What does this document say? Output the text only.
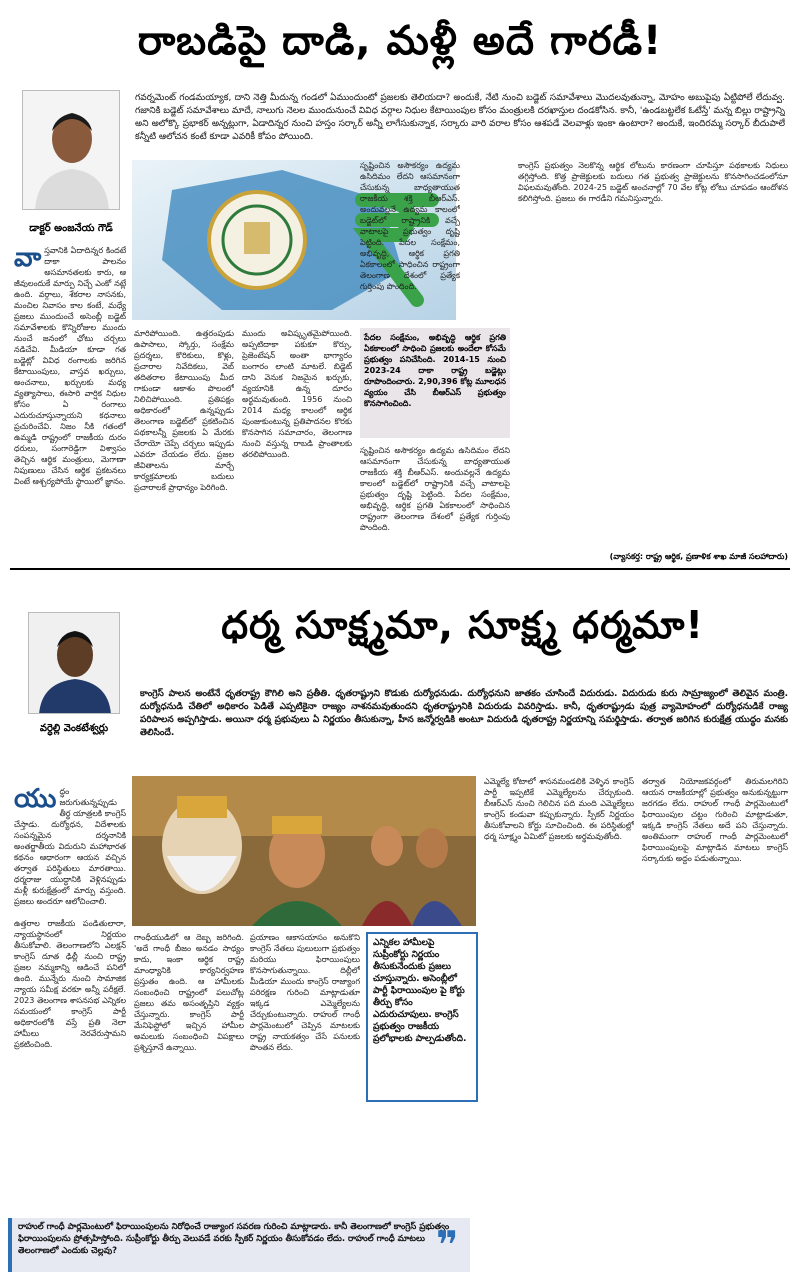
రాబడిపై దాడి, మళ్లీ అదే గారడీ!
డాక్టర్ అంజనేయ గౌడ్
గవర్నమెంట్ గండమయ్యాక, దాని నెత్తి మీదున్న గండలో ఏముందుంటో ప్రజలకు తెలియదా? అందుకే, నేటి నుంచి బడ్జెట్ సమావేశాలు మొదలవుతున్నా, మోహం అబుపైపు ఏట్టిపోలే లేదువ్వ. గజానికి బడ్జెట్ సమావేశాలు మాదే, నాలుగు నెలల ముందునుంచే వివిధ వర్గాల నిధుల కేటాయింపుల కోసం మంత్రులకి దరఖాస్తుల దండకోసిన. కానీ, 'ఉండబట్టలేక ఓటేస్తే' మన్న బిల్లు రాష్ట్రాన్ని అని అలోక్కొ ప్రభాకర్ అన్నట్లుగా, ఏడాదిన్నర నుంచి హస్తం సర్కార్ అన్నీ లాగేసుకున్నాక, సర్కారు వారి వరాల కోసం ఆశపడే వెలవాళ్లు ఇంకా ఉంటారా? అందుకే, ఇందిరమ్మ సర్కార్ బీదుపాలే కన్నీటి ఆలోచన కంటే కూడా ఎవరికీ కోపం పోయింది.
వా స్తవానికి ఏదాదిన్నర కిందటే దాకా పాలనం అసమానతలకు కారు, ఆ జీవులందుకే మార్పు నిచ్చే ఎంకో నట్లే ఉంది. వర్గాలు, శేకరాల నాసనకు, మంచిల నివాసం కాల కంటే, మధ్యే ప్రజలు ముందుంచే అసెంబ్లీ బడ్జెట్ సమావేశాలకు కొన్నిరోజుల ముందు నుంచే జనంలో ఛోటు చర్చలు నడిచేవి. మీడియా కూడా గత బడ్జెట్లో వివిధ రంగాలకు జరిగిన కేటాయింపులు, వాస్తవ ఖర్చులు, అంచనాలు, ఖర్చులకు మధ్య వ్యత్యాసాలు, ఈసారి వార్షిక నిధుల కోసం ఏ రంగాలు ఎదురుచూస్తున్నాయని కధనాలు ప్రచురించేవి. నిజం నీకి గతంలో ఉమ్మడి రాష్ట్రంలో రాజకీయ దురం ధరులు, సంగారెడ్డిగా విశ్వాసం తెచ్చిన ఆర్థిక మంత్రులు, మెగాణా నిపుణులు చేసిన ఆర్థిక ప్రకటనలు వింటే ఆశ్చర్యపోయే స్థాయిలో జ్ఞానం.
మారిపోయింది. ఉత్తరంపుడు ఉపాసాలు, స్కోర్తు, సంక్షేమ ప్రదర్శలు, కొరికులు, కొళ్లు, ప్రచారాల నివేదికలు, వెబ్ తదితరాల కేటాయింపు మీద గాకుండా ఆకాశం పొలంలో నిలిచిపోయింది. ప్రతిపక్షం అధికారంలో ఉన్నప్పుడు తెలంగాణ బడ్జెట్‌లో ప్రకటించిన పథకాలన్నీ ప్రజలకు ఏ మేరకు చేరాయో చెప్పే చర్చలు ఇప్పుడు ఎవరూ చేయడం లేదు. ప్రజల జీవితాలను మార్చే కార్యక్రమాలకు బదులు ప్రచారాలకే ప్రాధాన్యం పెరిగింది.
ముందు అవిష్కృతమైపోయింది. అప్పటిదాకా పకుకూ కొర్సు, ప్రెజెంటేషన్ అంతా భాగ్యారం బంగారం లాంటి మాటలే. బిడ్జెట్ దాని వెనుక నిజమైన ఖర్చుకు, వ్యయానికి ఉన్న దూరం అర్థమవుతుంది. 1956 నుంచి 2014 మధ్య కాలంలో ఆర్థిక పుంజుకుంటున్న ప్రతిపాదనల కొరకు కొనసాగిన సమాచారం, తెలంగాణ నుంచి వస్తున్న రాబడి ప్రాంతాలకు తరలిపోయింది.
సృష్టించిన అసౌకర్యం ఉద్యమ ఉసిదిమం లేదని ఆసమానంగా చేసుకున్న బాధ్యతాయుత రాజకీయ శక్తి బీఆర్ఎస్. అందువల్లనే ఉద్యమ కాలంలో బడ్జెట్‌లో రాష్ట్రానికి వచ్చే వాటాలపై ప్రభుత్వం దృష్టి పెట్టింది. పేదల సంక్షేమం, అభివృద్ధి, ఆర్థిక ప్రగతి ఏకకాలంలో సాధించిన రాష్ట్రంగా తెలంగాణ దేశంలో ప్రత్యేక గుర్తింపు పొందింది.
పేదల సంక్షేమం, అభివృద్ధి ఆర్థిక ప్రగతి ఏకకాలంలో సాధించి ప్రజలకు అందేలా కోసమే ప్రభుత్వం పనిచేసింది. 2014-15 నుంచి 2023-24 దాకా రాష్ట్ర బడ్జెట్లు రూపొందించారు. 2,90,396 కోట్ల మూలధన వ్యయం చేసి బీఆర్ఎస్ ప్రభుత్వం కొనసాగించింది.
సృష్టించిన అసౌకర్యం ఉద్యమ ఉసిదిమం లేదని ఆసమానంగా చేసుకున్న బాధ్యతాయుత రాజకీయ శక్తి బీఆర్ఎస్. అందువల్లనే ఉద్యమ కాలంలో బడ్జెట్‌లో రాష్ట్రానికి వచ్చే వాటాలపై ప్రభుత్వం దృష్టి పెట్టింది. పేదల సంక్షేమం, అభివృద్ధి, ఆర్థిక ప్రగతి ఏకకాలంలో సాధించిన రాష్ట్రంగా తెలంగాణ దేశంలో ప్రత్యేక గుర్తింపు పొందింది.
కాంగ్రెస్ ప్రభుత్వం నెలకొన్న ఆర్థిక లోటును కారణంగా చూపిస్తూ పథకాలకు నిధులు తగ్గిస్తోంది. కొత్త ప్రాజెక్టులకు బదులు గత ప్రభుత్వ ప్రాజెక్టులను కొనసాగించడంలోనూ విఫలమవుతోంది. 2024-25 బడ్జెట్ అంచనాల్లో 70 వేల కోట్ల లోటు చూపడం ఆందోళన కలిగిస్తోంది. ప్రజలు ఈ గారడీని గమనిస్తున్నారు.
(వ్యాసకర్త: రాష్ట్ర ఆర్థిక, ప్రణాళిక శాఖ మాజీ సలహాదారు)
ధర్మ సూక్ష్మమా, సూక్ష్మ ధర్మమా!
వర్ధెల్లి వెంకటేశ్వర్లు
కాంగ్రెస్ పాలన అంటేనే ధృతరాష్ట్ర కౌగిలి అని ప్రతీతి. ధృతరాష్ట్రుని కొడుకు దుర్యోధనుడు. దుర్యోధనుని జాతకం చూసిందే విదురుడు. విదురుడు కురు సామ్రాజ్యంలో తెలివైన మంత్రి. దుర్యోధనుడి చేతిలో అధికారం పెడితే ఎప్పటికైనా రాజ్యం నాశనమవుతుందని ధృతరాష్ట్రునికి విదురుడు వివరిస్తాడు. కానీ, ధృతరాష్ట్రుడు పుత్ర వ్యామోహంలో దుర్యోధనుడికే రాజ్య పరిపాలన అప్పగిస్తాడు. అయినా ధర్మ ప్రభువులు ఏ నిర్ణయం తీసుకున్నా, హీన జన్మోర్వడికి అంటూ విదురుడి ధృతరాష్ట్ర నిర్ణయాన్ని సమర్థిస్తాడు. తర్వాత జరిగిన కురుక్షేత్ర యుద్ధం మనకు తెలిసిందే.
యు ద్ధం జరుగుతున్నప్పుడు తీర్థ యాత్రలకి కాంగ్రెస్ చేస్తాడు. దుర్యోధన, విదేశాలకు సంపన్నమైన దర్శనానికి అంతర్జాతీయ విదురుని మహాభారత కథనం ఆధారంగా ఆయన వచ్చిన తర్వాత పరిస్థితులు మారతాయి. ధర్మరాజు యుద్ధానికి వెళ్లినప్పుడు మళ్లీ కురుక్షేత్రంలో మార్పు వస్తుంది. ప్రజలు అందరూ ఆలోచించాలి.
ఉత్తరాల రాజకీయ పండితులారా, న్యాయస్థానంలో నిర్ణయం తీసుకోవాలి. తెలంగాణలోని ఎలక్షన్ కాంగ్రెస్ దూత ఢిల్లీ నుంచి రాష్ట్ర ప్రజల నమ్మకాన్ని ఆడించే పనిలో ఉంది. మున్నేరు నుంచి సామాజిక న్యాయ సమీక్ష వరకూ అన్నీ పరీక్షలే. 2023 తెలంగాణ శాసనసభ ఎన్నికల సమయంలో కాంగ్రెస్ పార్టీ అధికారంలోకి వస్తే ప్రతి నెలా హామీలు నెరవేరుస్తామని ప్రకటించింది.
గాంధీయుడిలో ఆ దెబ్బ జరిగింది. 'అదే గాంధీ బీజం అనడం సాధ్యం కాదు, ఇంకా ఆర్థిక రాష్ట్ర మాంధ్యానికి కార్యనిర్వహణ ప్రస్తుతం ఉంది. ఆ హామీలకు సంబంధించి రాష్ట్రంలో పలుచోట్ల ప్రజలు తమ అసంతృప్తిని వ్యక్తం చేస్తున్నారు. కాంగ్రెస్ పార్టీ మేనిఫెస్టోలో ఇచ్చిన హామీల అమలుకు సంబంధించి విపక్షాలు ప్రశ్నిస్తూనే ఉన్నాయి.
ప్రయాణం ఆకాసయాసం అనుకొని కాంగ్రెస్ నేతలు పులులుగా ప్రభుత్వం మరియు ఫిరాయింపులు కొనసాగుతున్నాయి. దిల్లీలో మీడియా ముందు కాంగ్రెస్ రాజ్యాంగ పరిరక్షణ గురించి మాట్లాడుతూ ఇక్కడ ఎమ్మెల్యేలను చేర్చుకుంటున్నారు. రాహుల్ గాంధీ పార్లమెంటులో చెప్పిన మాటలకు రాష్ట్ర నాయకత్వం చేసే పనులకు పొంతన లేదు.
ఎన్నికల హామీలపై సుప్రీంకోర్టు నిర్ణయం తీసుకునేందుకు ప్రజలు చూస్తున్నారు. అసెంబ్లీలో పార్టీ ఫిరాయింపుల పై కోర్టు తీర్పు కోసం ఎదురుచూపులు. కాంగ్రెస్ ప్రభుత్వం రాజకీయ ప్రలోభాలకు పాల్పడుతోంది.
ఎమ్మెల్యే కోటాలో శాసనమండలికి వెళ్ళిన కాంగ్రెస్ పార్టీ ఇప్పటికే ఎమ్మెల్యేలను చేర్చుకుంది. బీఆర్ఎస్ నుంచి గెలిచిన పది మంది ఎమ్మెల్యేలు కాంగ్రెస్ కండువా కప్పుకున్నారు. స్పీకర్ నిర్ణయం తీసుకోవాలని కోర్టు సూచించింది. ఈ పరిస్థితుల్లో ధర్మ సూక్ష్మం ఏమిటో ప్రజలకు అర్థమవుతోంది.
తర్వాత నియోజకవర్గంలో తిరుమలగిరిని ఆయన రాజకీయాల్లో ప్రభుత్వం అనుకున్నట్టుగా జరగడం లేదు. రాహుల్ గాంధీ పార్లమెంటులో ఫిరాయింపుల చట్టం గురించి మాట్లాడుతూ, ఇక్కడి కాంగ్రెస్ నేతలు అదే పని చేస్తున్నారు. అంతిమంగా రాహుల్ గాంధీ పార్లమెంటులో ఫిరాయింపులపై మాట్లాడిన మాటలు కాంగ్రెస్ సర్కారుకు అద్దం పడుతున్నాయి.
రాహుల్ గాంధీ పార్లమెంటులో ఫిరాయింపులను నిరోధించే రాజ్యాంగ సవరణ గురించి మాట్లాడారు. కానీ తెలంగాణలో కాంగ్రెస్ ప్రభుత్వం ఫిరాయింపులను ప్రోత్సహిస్తోంది. సుప్రీంకోర్టు తీర్పు వెలువడే వరకు స్పీకర్ నిర్ణయం తీసుకోవడం లేదు. రాహుల్ గాంధీ మాటలు తెలంగాణలో ఎందుకు చెల్లవు?	❞
